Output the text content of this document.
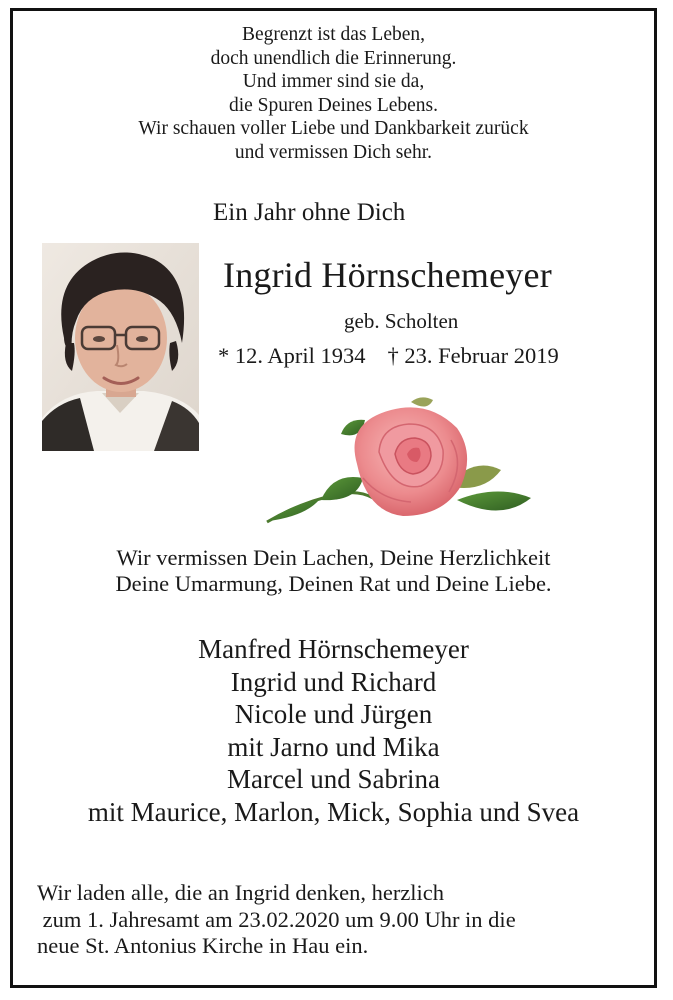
Begrenzt ist das Leben,
doch unendlich die Erinnerung.
Und immer sind sie da,
die Spuren Deines Lebens.
Wir schauen voller Liebe und Dankbarkeit zurück
und vermissen Dich sehr.
Ein Jahr ohne Dich
Ingrid Hörnschemeyer
geb. Scholten
* 12. April 1934 † 23. Februar 2019
Wir vermissen Dein Lachen, Deine Herzlichkeit
Deine Umarmung, Deinen Rat und Deine Liebe.
Manfred Hörnschemeyer
Ingrid und Richard
Nicole und Jürgen
mit Jarno und Mika
Marcel und Sabrina
mit Maurice, Marlon, Mick, Sophia und Svea
Wir laden alle, die an Ingrid denken, herzlich
zum 1. Jahresamt am 23.02.2020 um 9.00 Uhr in die
neue St. Antonius Kirche in Hau ein.
